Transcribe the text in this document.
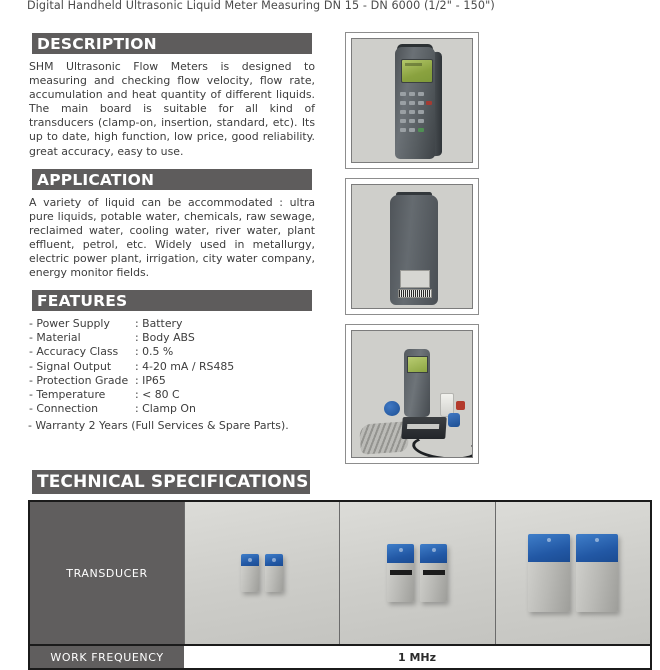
Digital Handheld Ultrasonic Liquid Meter Measuring DN 15 - DN 6000 (1/2" - 150")
DESCRIPTION

SHM Ultrasonic Flow Meters is designed to measuring and checking flow velocity, flow rate, accumulation and heat quantity of different liquids. The main board is suitable for all kind of transducers (clamp-on, insertion, standard, etc). Its up to date, high function, low price, good reliability. great accuracy, easy to use.

APPLICATION

A variety of liquid can be accommodated : ultra pure liquids, potable water, chemicals, raw sewage, reclaimed water, cooling water, river water, plant effluent, petrol, etc. Widely used in metallurgy, electric power plant, irrigation, city water company, energy monitor fields.

FEATURES
- Power Supply : Battery
- Material	: Body ABS
- Accuracy Class : 0.5 %
- Signal Output : 4-20 mA / RS485
- Protection Grade : IP65
- Temperature	: < 80 C
- Connection	: Clamp On
- Warranty 2 Years (Full Services & Spare Parts).
TECHNICAL SPECIFICATIONS
TRANSDUCER
WORK FREQUENCY	1 MHz
